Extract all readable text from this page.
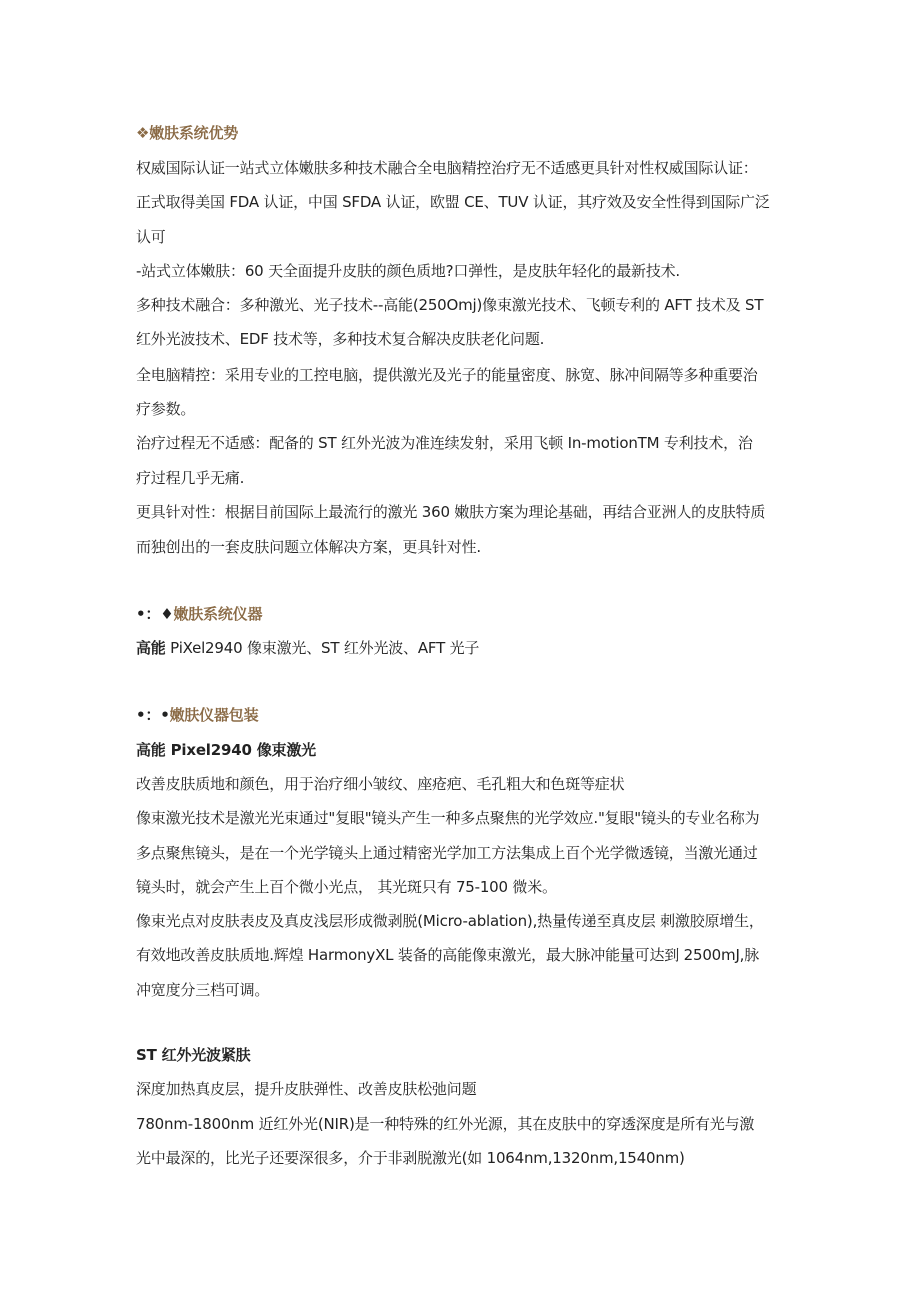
❖嫩肤系统优势
权威国际认证一站式立体嫩肤多种技术融合全电脑精控治疗无不适感更具针对性权威国际认证：
正式取得美国 FDA 认证，中国 SFDA 认证，欧盟 CE、TUV 认证，其疗效及安全性得到国际广泛
认可
-站式立体嫩肤：60 天全面提升皮肤的颜色质地?口弹性，是皮肤年轻化的最新技术.
多种技术融合：多种激光、光子技术--高能(250Omj)像束激光技术、飞顿专利的 AFT 技术及 ST
红外光波技术、EDF 技术等，多种技术复合解决皮肤老化问题.
全电脑精控：采用专业的工控电脑，提供激光及光子的能量密度、脉宽、脉冲间隔等多种重要治
疗参数。
治疗过程无不适感：配备的 ST 红外光波为准连续发射，采用飞顿 In-motionTM 专利技术，治
疗过程几乎无痛.
更具针对性：根据目前国际上最流行的激光 360 嫩肤方案为理论基础，再结合亚洲人的皮肤特质
而独创出的一套皮肤问题立体解决方案，更具针对性.
•：♦嫩肤系统仪器
高能 PiXel2940 像束激光、ST 红外光波、AFT 光子
•：•嫩肤仪器包装
高能 Pixel2940 像束激光
改善皮肤质地和颜色，用于治疗细小皱纹、座疮疤、毛孔粗大和色斑等症状
像束激光技术是激光光束通过"复眼"镜头产生一种多点聚焦的光学效应."复眼"镜头的专业名称为
多点聚焦镜头，是在一个光学镜头上通过精密光学加工方法集成上百个光学微透镜，当激光通过
镜头时，就会产生上百个微小光点， 其光斑只有 75-100 微米。
像束光点对皮肤表皮及真皮浅层形成微剥脱(Micro-ablation),热量传递至真皮层 刺激胶原增生，
有效地改善皮肤质地.辉煌 HarmonyXL 装备的高能像束激光，最大脉冲能量可达到 2500mJ,脉
冲宽度分三档可调。
ST 红外光波紧肤
深度加热真皮层，提升皮肤弹性、改善皮肤松弛问题
780nm-1800nm 近红外光(NIR)是一种特殊的红外光源，其在皮肤中的穿透深度是所有光与激
光中最深的，比光子还要深很多，介于非剥脱激光(如 1064nm,1320nm,1540nm)
